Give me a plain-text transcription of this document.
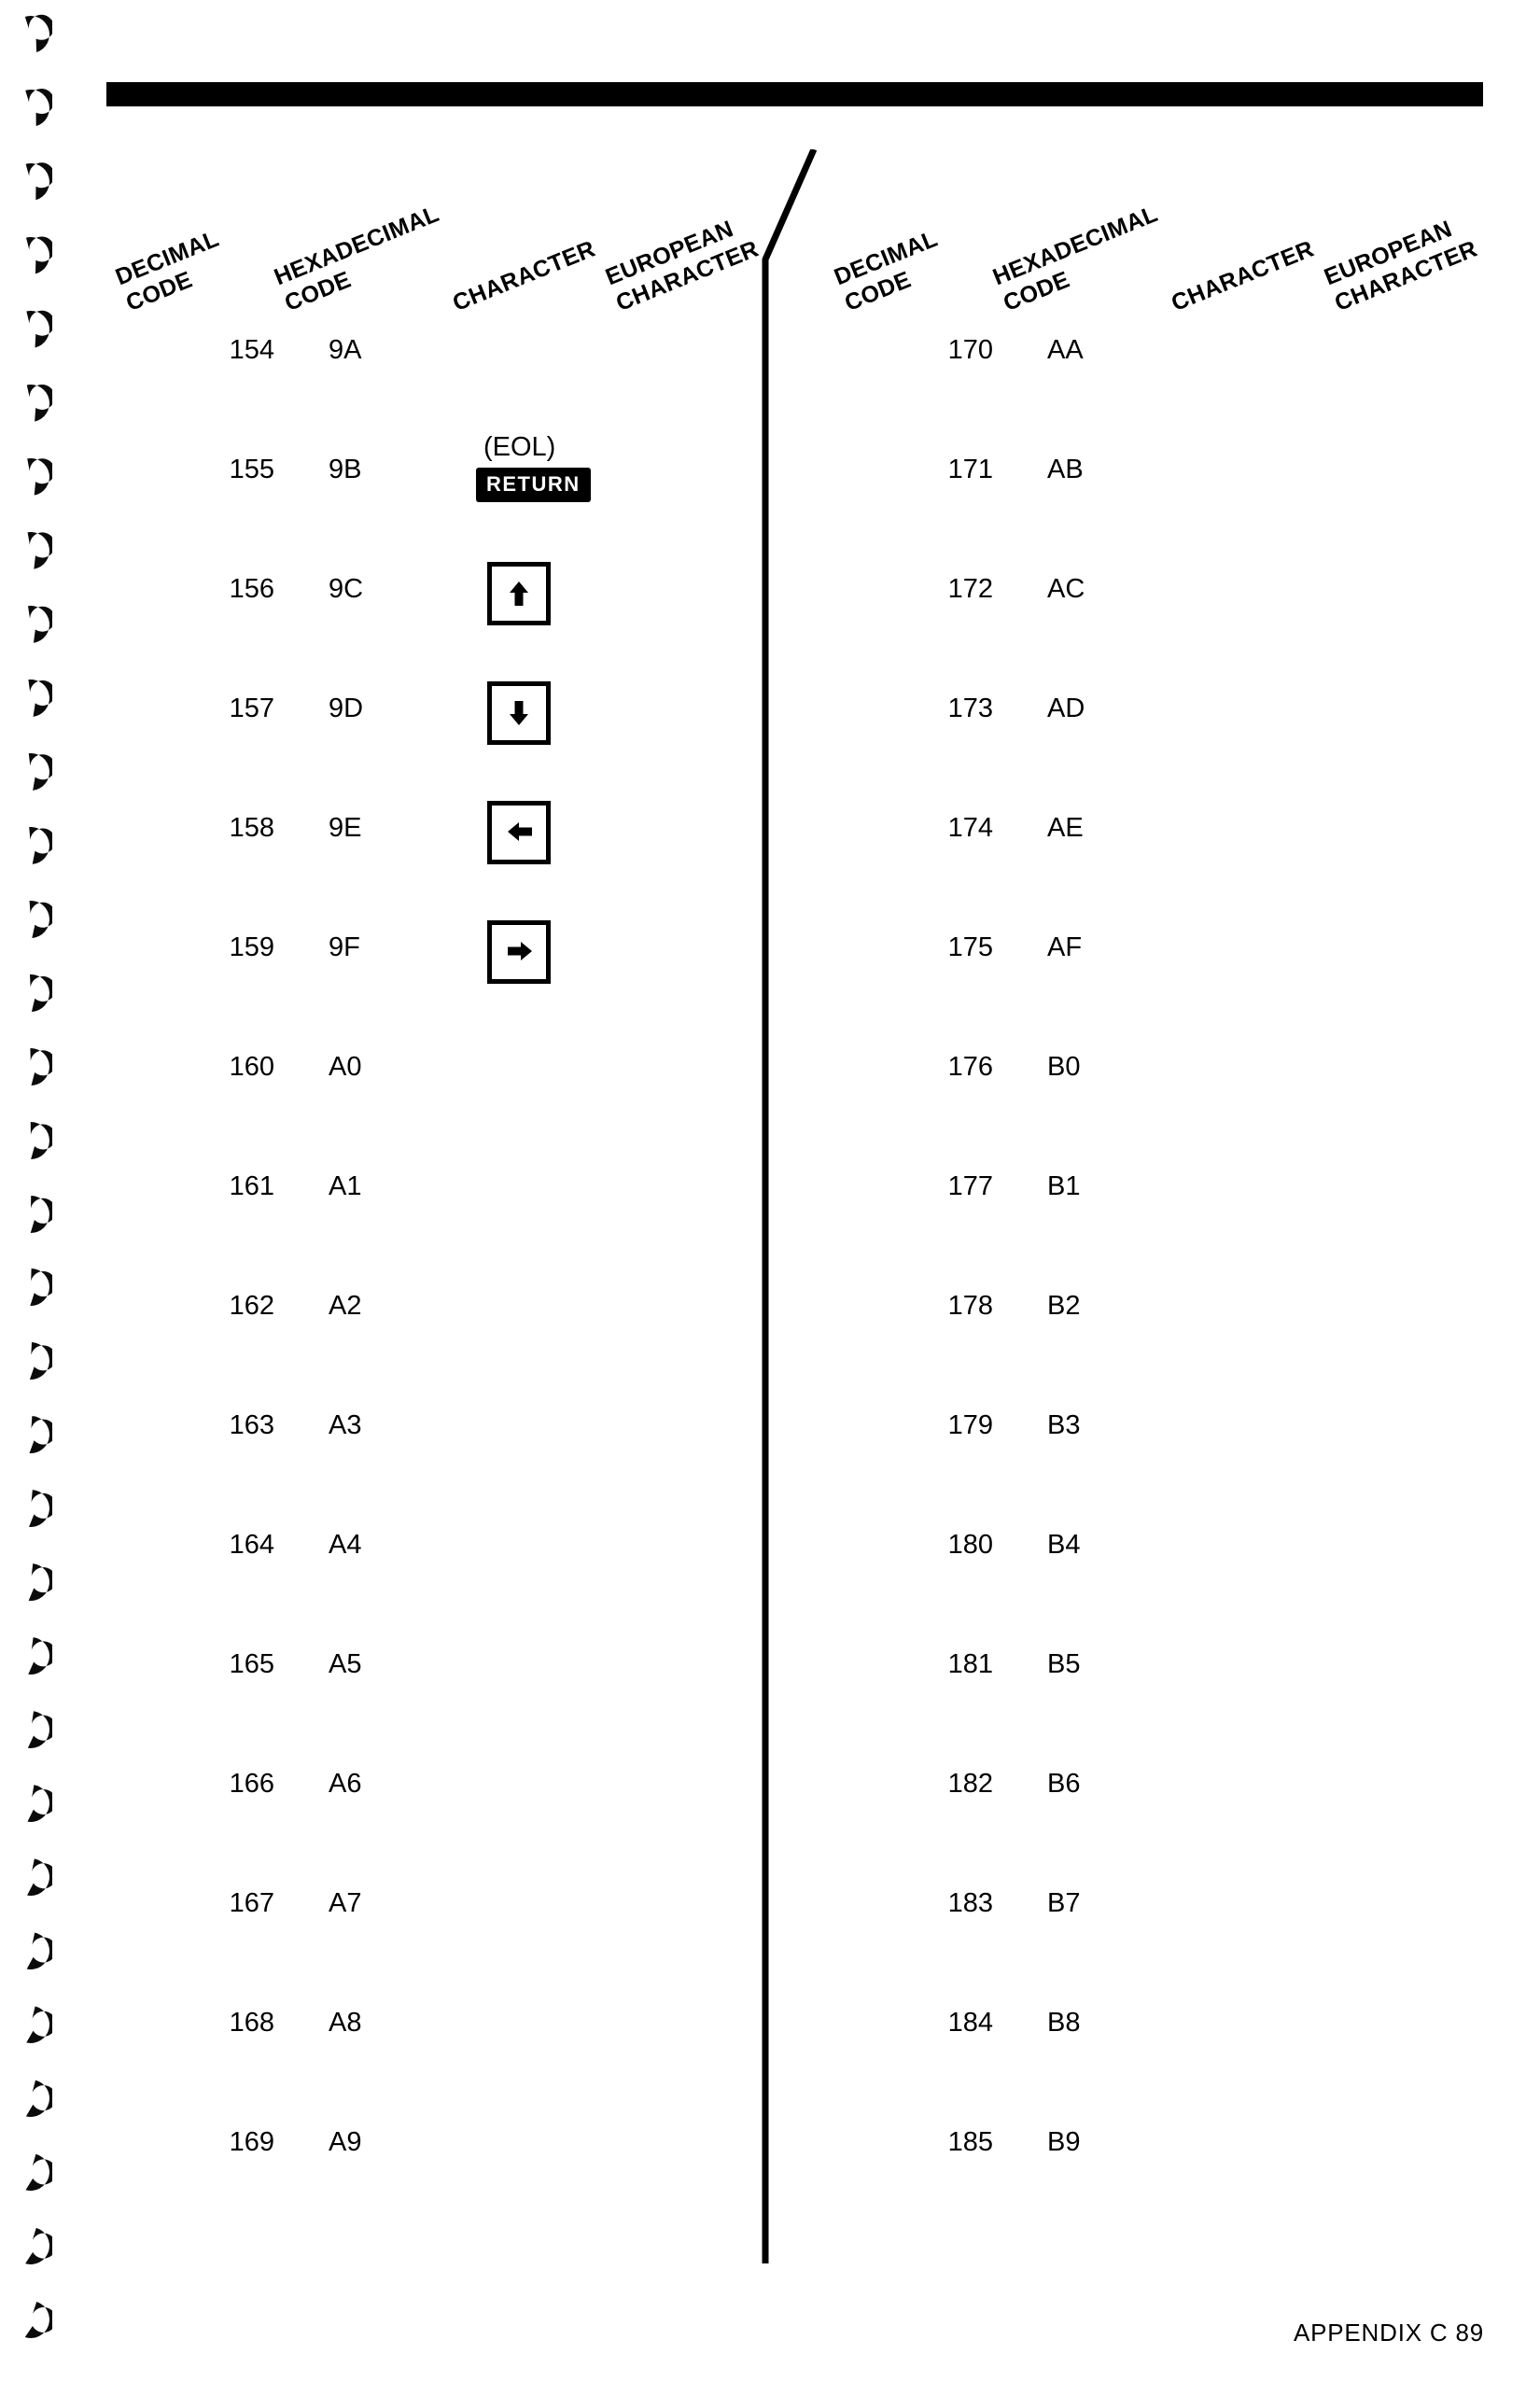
DECIMAL
CODE
HEXADECIMAL
CODE	CHARACTER EUROPEAN
CHARACTER
154 9A
155 9B
(EOL)
RETURN
156 9C
157 9D
158 9E
159 9F
160 A0
161 A1
162 A2
163 A3
164 A4
165 A5
166 A6
167 A7
168 A8
169 A9
DECIMAL
CODE
HEXADECIMAL
CODE	CHARACTER EUROPEAN
CHARACTER
170 AA
171 AB
172 AC
173 AD
174 AE
175 AF
176 B0
177 B1
178 B2
179 B3
180 B4
181 B5
182 B6
183 B7
184 B8
185 B9
APPENDIX C 89
